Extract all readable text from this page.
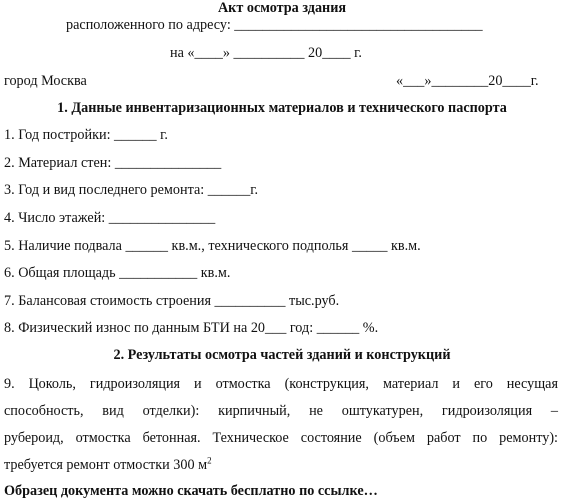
Акт осмотра здания
расположенного по адресу: ___________________________________
на «____» __________ 20____ г.
город Москва	«___»________20____г.
1. Данные инвентаризационных материалов и технического паспорта
1. Год постройки: ______ г.
2. Материал стен: _______________
3. Год и вид последнего ремонта: ______г.
4. Число этажей: _______________
5. Наличие подвала ______ кв.м., технического подполья _____ кв.м.
6. Общая площадь ___________ кв.м.
7. Балансовая стоимость строения __________ тыс.руб.
8. Физический износ по данным БТИ на 20___ год: ______ %.
2. Результаты осмотра частей зданий и конструкций
9. Цоколь, гидроизоляция и отмостка (конструкция, материал и его несущая
способность, вид отделки): кирпичный, не оштукатурен, гидроизоляция –
рубероид, отмостка бетонная. Техническое состояние (объем работ по ремонту):
требуется ремонт отмостки 300 $м^2$
Образец документа можно скачать бесплатно по ссылке…
